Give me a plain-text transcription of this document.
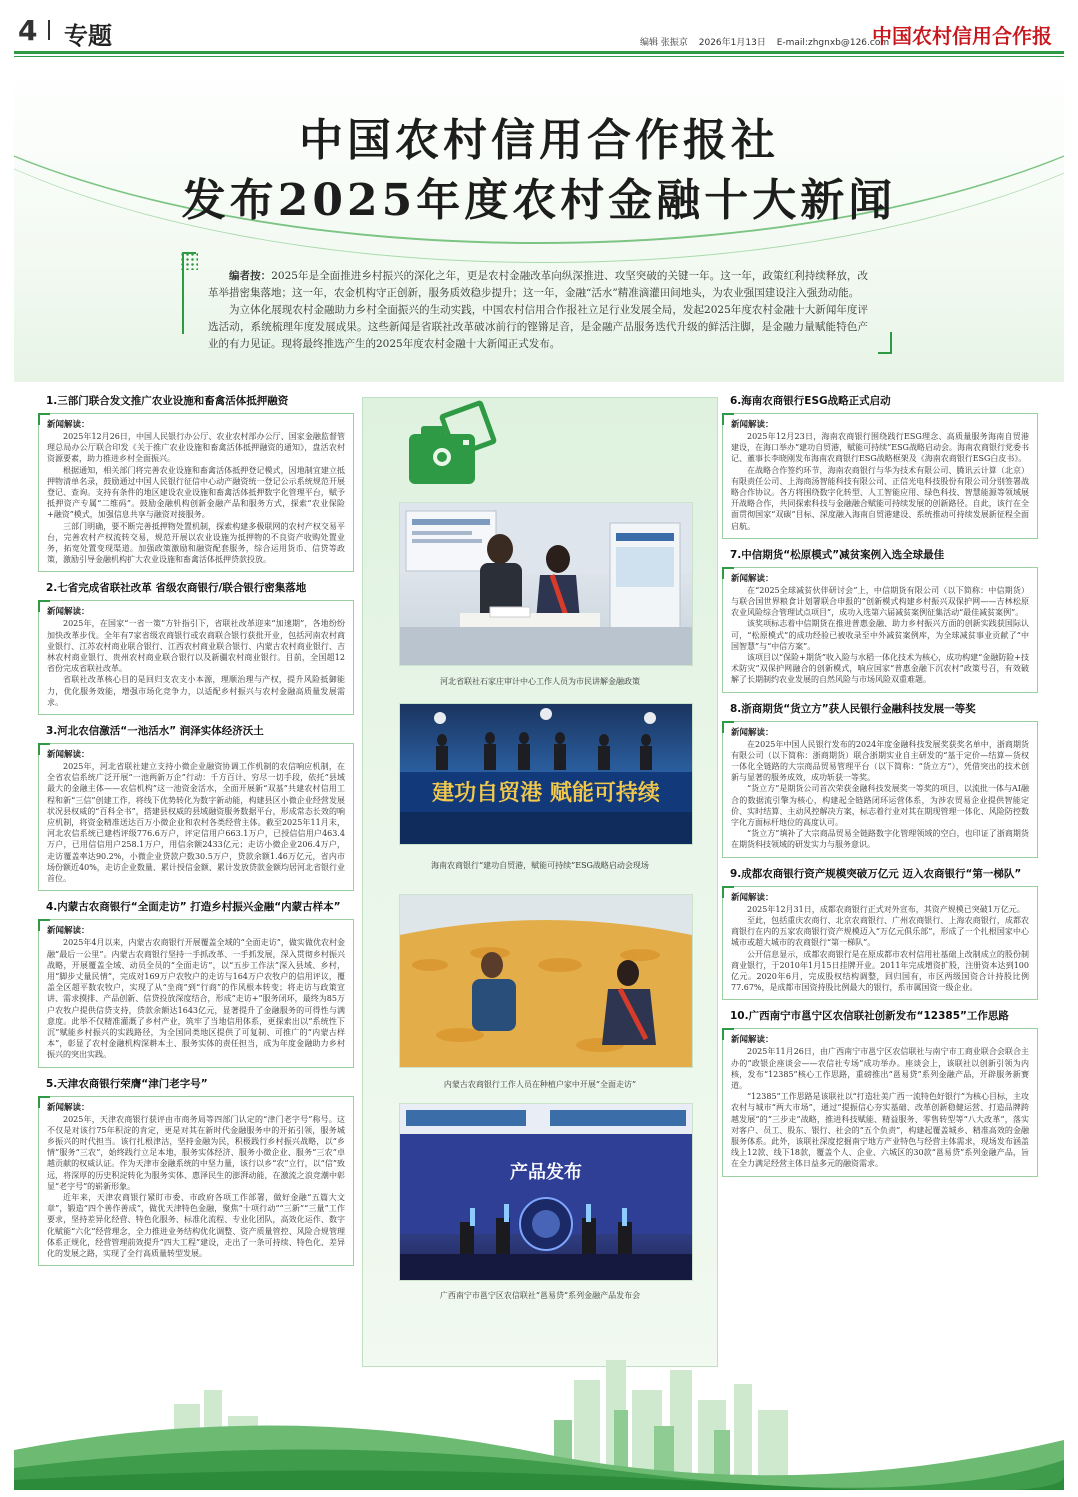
4 专题	编辑 张振京 2026年1月13日 E-mail:zhgnxb@126.com
中国农村信用合作报
中国农村信用合作报社
发布2025年度农村金融十大新闻

编者按：2025年是全面推进乡村振兴的深化之年，更是农村金融改革向纵深推进、攻坚突破的关键一年。这一年，政策红利持续释放，改革举措密集落地；这一年，农金机构守正创新，服务质效稳步提升；这一年，金融“活水”精准滴灌田间地头，为农业强国建设注入强劲动能。

为立体化展现农村金融助力乡村全面振兴的生动实践，中国农村信用合作报社立足行业发展全局，发起2025年度农村金融十大新闻年度评选活动，系统梳理年度发展成果。这些新闻是省联社改革破冰前行的铿锵足音，是金融产品服务迭代升级的鲜活注脚，是金融力量赋能特色产业的有力见证。现将最终推选产生的2025年度农村金融十大新闻正式发布。

1.三部门联合发文推广农业设施和畜禽活体抵押融资
新闻解读：

2025年12月26日，中国人民银行办公厅、农业农村部办公厅、国家金融监督管理总局办公厅联合印发《关于推广农业设施和畜禽活体抵押融资的通知》，盘活农村资源要素，助力推进乡村全面振兴。

根据通知，相关部门将完善农业设施和畜禽活体抵押登记模式，因地制宜建立抵押物清单名录，鼓励通过中国人民银行征信中心动产融资统一登记公示系统规范开展登记、查询。支持有条件的地区建设农业设施和畜禽活体抵押数字化管理平台，赋予抵押资产专属“二维码”。鼓励金融机构创新金融产品和服务方式，探索“农业保险+融资”模式，加强信息共享与融资对接服务。

三部门明确，要不断完善抵押物处置机制，探索构建多极联网的农村产权交易平台，完善农村产权流转交易，规范开展以农业设施为抵押物的不良资产收购处置业务，拓宽处置变现渠道。加强政策激励和融资配套服务，综合运用货币、信贷等政策，激励引导金融机构扩大农业设施和畜禽活体抵押贷款投放。

2.七省完成省联社改革 省级农商银行/联合银行密集落地
新闻解读：

2025年，在国家“一省一策”方针指引下，省联社改革迎来“加速期”，各地纷纷加快改革步伐。全年有7家省级农商银行或农商联合银行获批开业，包括河南农村商业银行、江苏农村商业联合银行、江西农村商业联合银行、内蒙古农村商业银行、吉林农村商业银行、贵州农村商业联合银行以及新疆农村商业银行。目前，全国超12省份完成省联社改革。

省联社改革核心目的是回归支农支小本源，理顺治理与产权，提升风险抵御能力，优化服务效能，增强市场化竞争力，以适配乡村振兴与农村金融高质量发展需求。

3.河北农信激活“一池活水” 润泽实体经济沃土
新闻解读：

2025年，河北省联社建立支持小微企业融资协调工作机制的农信响应机制，在全省农信系统广泛开展“一池两新万企”行动：千方百计、穷尽一切手段，依托“县域最大的金融主体——农信机构”这一池资金活水，全面开展新“双基”共建农村信用工程和新“三信”创建工作，将线下优势转化为数字新动能，构建县区小微企业经营发展状况县权威的“百科全书”，搭建县权威的县域融资服务数据平台，形成常态长效的响应机制，将资金精准送达百万小微企业和农村各类经营主体。截至2025年11月末，河北农信系统已建档评级776.6万户，评定信用户663.1万户，已授信信用户463.4万户，已用信信用户258.1万户，用信余额2433亿元；走访小微企业206.4万户，走访覆盖率达90.2%，小微企业贷款户数30.5万户，贷款余额1.46万亿元，省内市场份额近40%，走访企业数量、累计授信金额、累计发放贷款金额均居河北省银行业首位。

4.内蒙古农商银行“全面走访” 打造乡村振兴金融“内蒙古样本”
新闻解读：

2025年4月以来，内蒙古农商银行开展覆盖全域的“全面走访”，做实做优农村金融“最后一公里”。内蒙古农商银行坚持一手抓改革、一手抓发展，深入贯彻乡村振兴战略，开展覆盖全域、动员全员的“全面走访”，以“五步工作法”深入县域、乡村，用“脚步丈量民情”，完成对169万户农牧户的走访与164万户农牧户的信用评议，覆盖全区超平数农牧户，实现了从“坐商”到“行商”的作风根本转变；将走访与政策宣讲、需求摸排、产品创新、信贷投放深度结合，形成“走访+”服务闭环，最终为85万户农牧户提供信贷支持，贷款余额达1643亿元，显著提升了金融服务的可得性与满意度。此举不仅精准灌溉了乡村产业，筑牢了当地信用体系，更探索出以“系统性下沉”赋能乡村振兴的实践路径，为全国同类地区提供了可复制、可推广的“内蒙古样本”，彰显了农村金融机构深耕本土、服务实体的责任担当，成为年度金融助力乡村振兴的突出实践。

5.天津农商银行荣膺“津门老字号”
新闻解读：

2025年，天津农商银行获评由市商务局等四部门认定的“津门老字号”称号。这不仅是对该行75年积淀的肯定，更是对其在新时代金融服务中的开拓引领，服务城乡振兴的时代担当。该行扎根津沽，坚持金融为民，积极践行乡村振兴战略，以“乡情”服务“三农”，始终践行立足本地，服务实体经济、服务小微企业、服务“三农”卓越贡献的权威认证。作为天津市金融系统的中坚力量，该行以乡“农”立行，以“信”致远，将深厚的历史积淀转化为服务实体、惠泽民生的澎湃动能，在激流之浪竞潮中彰显“老字号”的崭新形象。

近年来，天津农商银行紧盯市委、市政府各项工作部署，做好金融“五篇大文章”，锻造“四个善作善成”，做优天津特色金融，聚焦“十项行动”“三新”“三量”工作要求，坚持差异化经营、特色化服务、标准化流程、专业化团队，高效化运作、数字化赋能“六化”经营理念，全力推进业务结构优化调整、资产质量管控、风险合规管理体系正规化，经营管理前效提升“四大工程”建设，走出了一条可持续、特色化、差异化的发展之路，实现了全行高质量转型发展。

河北省联社石家庄审计中心工作人员为市民讲解金融政策
建功自贸港 赋能可持续
海南农商银行“建功自贸港，赋能可持续”ESG战略启动会现场
内蒙古农商银行工作人员在种植户家中开展“全面走访”
产品发布
广西南宁市邕宁区农信联社“邕易贷”系列金融产品发布会
6.海南农商银行ESG战略正式启动
新闻解读：

2025年12月23日，海南农商银行围绕践行ESG理念、高质量服务海南自贸港建设，在海口举办“建功自贸港，赋能可持续”ESG战略启动会。海南农商银行党委书记、董事长李晓刚发布海南农商银行ESG战略框架及《海南农商银行ESG白皮书》。

在战略合作签约环节，海南农商银行与华为技术有限公司、腾讯云计算（北京）有限责任公司、上海商汤智能科技有限公司、正信光电科技股份有限公司分别签署战略合作协议。各方将围绕数字化转型、人工智能应用、绿色科技、智慧能源等领域展开战略合作，共同探索科技与金融融合赋能可持续发展的创新路径。自此，该行在全面贯彻国家“双碳”目标、深度融入海南自贸港建设、系统推动可持续发展新征程全面启航。

7.中信期货“松原模式”减贫案例入选全球最佳
新闻解读：

在“2025全球减贫伙伴研讨会”上，中信期货有限公司（以下简称：中信期货）与联合国世界粮食计划署联合申报的“创新模式构建乡村振兴双保护网——吉林松原农业风险综合管理试点项目”，成功入选第六届减贫案例征集活动“最佳减贫案例”。

该奖项标志着中信期货在推进普惠金融、助力乡村振兴方面的创新实践获国际认可，“松原模式”的成功经验已被收录至中外减贫案例库，为全球减贫事业贡献了“中国智慧”与“中信方案”。

该项目以“保险+期货”收入险与水稻一体化技术为核心，成功构建“金融防险+技术防灾”双保护网融合的创新模式，响应国家“普惠金融下沉农村”政策号召，有效破解了长期制约农业发展的自然风险与市场风险双重难题。

8.浙商期货“货立方”获人民银行金融科技发展一等奖
新闻解读：

在2025年中国人民银行发布的2024年度金融科技发展奖获奖名单中，浙商期货有限公司（以下简称：浙商期货）联合浙期实业自主研发的“基于定价—结算—货权一体化全链路的大宗商品贸易管理平台（以下简称：“货立方”），凭借突出的技术创新与显著的服务成效，成功斩获一等奖。

“货立方”是期货公司首次荣获金融科技发展奖一等奖的项目，以流批一体与AI融合的数据流引擎为核心，构建起全链路闭环运营体系，为涉农贸易企业提供智能定价、实时结算、主动风控解决方案，标志着行业对其在期现管理一体化、风险防控数字化方面标杆地位的高度认可。

“货立方”填补了大宗商品贸易全链路数字化管理领域的空白，也印证了浙商期货在期货科技领域的研发实力与服务意识。

9.成都农商银行资产规模突破万亿元 迈入农商银行“第一梯队”
新闻解读：

2025年12月31日，成都农商银行正式对外宣布，其资产规模已突破1万亿元。

至此，包括重庆农商行、北京农商银行、广州农商银行、上海农商银行，成都农商银行在内的五家农商银行资产规模迈入“万亿元俱乐部”，形成了一个扎根国家中心城市或超大城市的农商银行“第一梯队”。

公开信息显示，成都农商银行是在原成都市农村信用社基础上改制成立的股份制商业银行，于2010年1月15日挂牌开业。2011年完成增资扩股，注册资本达到100亿元。2020年6月，完成股权结构调整，回归国有，市区两级国资合计持股比例77.67%，是成都市国资持股比例最大的银行，系市属国资一级企业。

10.广西南宁市邕宁区农信联社创新发布“12385”工作思路
新闻解读：

2025年11月26日，由广西南宁市邕宁区农信联社与南宁市工商业联合会联合主办的“政银企座谈会——农信社专场”成功举办。座谈会上，该联社以创新引领为内核，发布“12385”核心工作思路，重磅推出“邕易贷”系列金融产品，开辟服务新赛道。

“12385”工作思路是该联社以“打造壮美广西一流特色好银行”为核心目标，主攻农村与城市“两大市场”，通过“提振信心夯实基础、改革创新稳健运营、打造品牌跨越发展”的“三步走”战略，推进科技赋能、精益服务、零售转型等“八大改革”，落实对客户、员工、股东、银行、社会的“五个负责”，构建起覆盖城乡、精准高效的金融服务体系。此外，该联社深度挖掘南宁地方产业特色与经营主体需求，现场发布涵盖线上12款、线下18款，覆盖个人、企业、六城区的30款“邕易贷”系列金融产品，旨在全力满足经营主体日益多元的融资需求。
